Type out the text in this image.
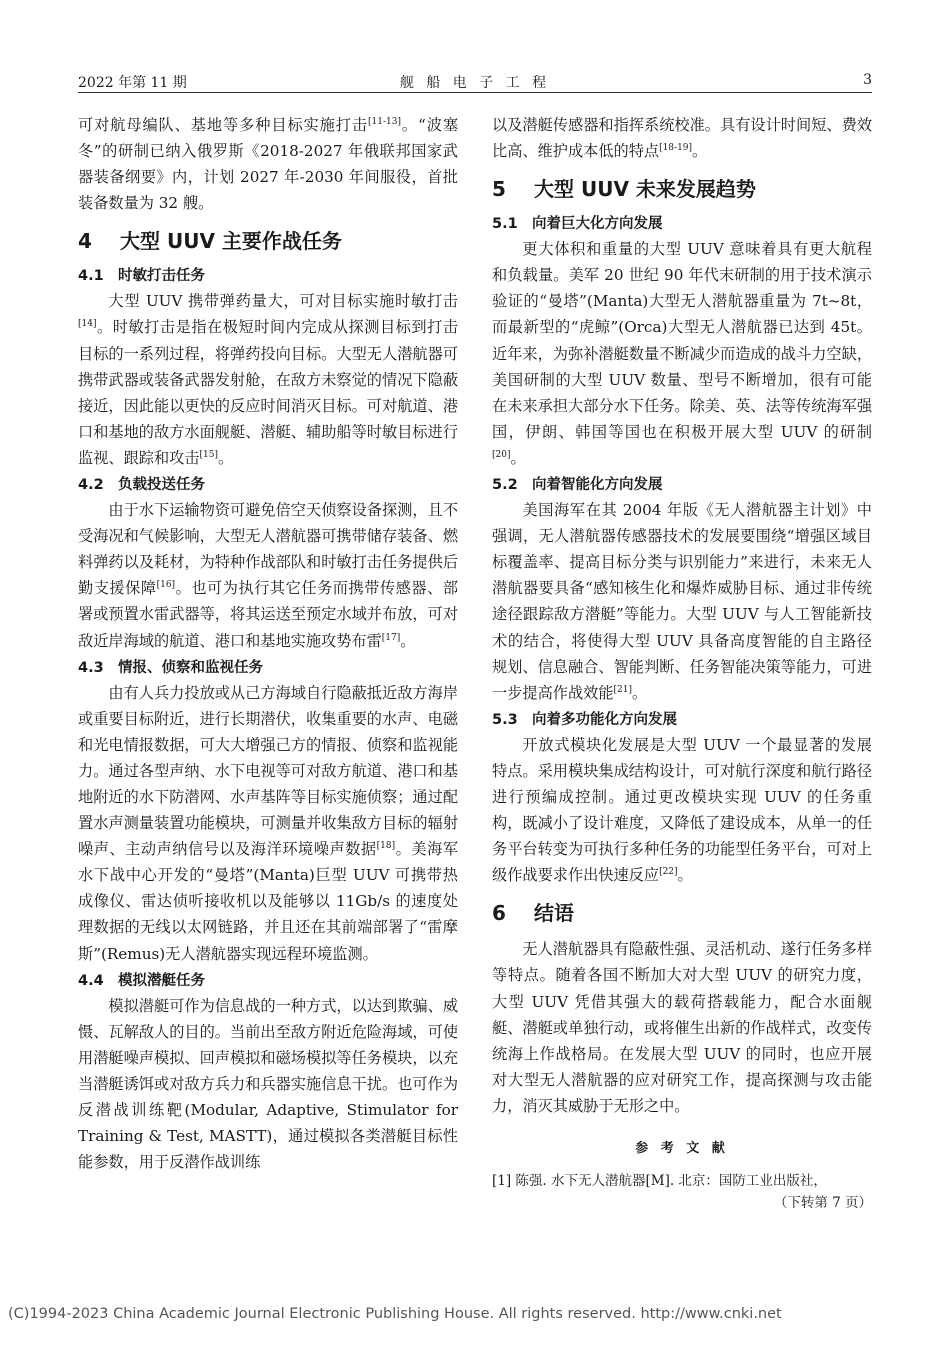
2022 年第 11 期	舰 船 电 子 工 程	3

可对航母编队、基地等多种目标实施打击[11-13]。“波塞冬”的研制已纳入俄罗斯《2018-2027 年俄联邦国家武器装备纲要》内，计划 2027 年-2030 年间服役，首批装备数量为 32 艘。

4 大型 UUV 主要作战任务
4.1 时敏打击任务

大型 UUV 携带弹药量大，可对目标实施时敏打击[14]。时敏打击是指在极短时间内完成从探测目标到打击目标的一系列过程，将弹药投向目标。大型无人潜航器可携带武器或装备武器发射舱，在敌方未察觉的情况下隐蔽接近，因此能以更快的反应时间消灭目标。可对航道、港口和基地的敌方水面舰艇、潜艇、辅助船等时敏目标进行监视、跟踪和攻击[15]。

4.2 负载投送任务

由于水下运输物资可避免倍空天侦察设备探测，且不受海况和气候影响，大型无人潜航器可携带储存装备、燃料弹药以及耗材，为特种作战部队和时敏打击任务提供后勤支援保障[16]。也可为执行其它任务而携带传感器、部署或预置水雷武器等，将其运送至预定水域并布放，可对敌近岸海域的航道、港口和基地实施攻势布雷[17]。

4.3 情报、侦察和监视任务

由有人兵力投放或从己方海域自行隐蔽抵近敌方海岸或重要目标附近，进行长期潜伏，收集重要的水声、电磁和光电情报数据，可大大增强己方的情报、侦察和监视能力。通过各型声纳、水下电视等可对敌方航道、港口和基地附近的水下防潜网、水声基阵等目标实施侦察；通过配置水声测量装置功能模块，可测量并收集敌方目标的辐射噪声、主动声纳信号以及海洋环境噪声数据[18]。美海军水下战中心开发的“曼塔”(Manta)巨型 UUV 可携带热成像仪、雷达侦听接收机以及能够以 11Gb/s 的速度处理数据的无线以太网链路，并且还在其前端部署了“雷摩斯”(Remus)无人潜航器实现远程环境监测。

4.4 模拟潜艇任务

模拟潜艇可作为信息战的一种方式，以达到欺骗、威慑、瓦解敌人的目的。当前出至敌方附近危险海域，可使用潜艇噪声模拟、回声模拟和磁场模拟等任务模块，以充当潜艇诱饵或对敌方兵力和兵器实施信息干扰。也可作为反潜战训练靶(Modular, Adaptive, Stimulator for Training & Test, MASTT)，通过模拟各类潜艇目标性能参数，用于反潜作战训练

以及潜艇传感器和指挥系统校准。具有设计时间短、费效比高、维护成本低的特点[18-19]。

5 大型 UUV 未来发展趋势
5.1 向着巨大化方向发展

更大体积和重量的大型 UUV 意味着具有更大航程和负载量。美军 20 世纪 90 年代末研制的用于技术演示验证的“曼塔”(Manta)大型无人潜航器重量为 7t~8t，而最新型的“虎鲸”(Orca)大型无人潜航器已达到 45t。近年来，为弥补潜艇数量不断减少而造成的战斗力空缺，美国研制的大型 UUV 数量、型号不断增加，很有可能在未来承担大部分水下任务。除美、英、法等传统海军强国，伊朗、韩国等国也在积极开展大型 UUV 的研制[20]。

5.2 向着智能化方向发展

美国海军在其 2004 年版《无人潜航器主计划》中强调，无人潜航器传感器技术的发展要围绕“增强区域目标覆盖率、提高目标分类与识别能力”来进行，未来无人潜航器要具备“感知核生化和爆炸威胁目标、通过非传统途径跟踪敌方潜艇”等能力。大型 UUV 与人工智能新技术的结合，将使得大型 UUV 具备高度智能的自主路径规划、信息融合、智能判断、任务智能决策等能力，可进一步提高作战效能[21]。

5.3 向着多功能化方向发展

开放式模块化发展是大型 UUV 一个最显著的发展特点。采用模块集成结构设计，可对航行深度和航行路径进行预编成控制。通过更改模块实现 UUV 的任务重构，既减小了设计难度，又降低了建设成本，从单一的任务平台转变为可执行多种任务的功能型任务平台，可对上级作战要求作出快速反应[22]。

6 结语

无人潜航器具有隐蔽性强、灵活机动、遂行任务多样等特点。随着各国不断加大对大型 UUV 的研究力度，大型 UUV 凭借其强大的载荷搭载能力，配合水面舰艇、潜艇或单独行动，或将催生出新的作战样式，改变传统海上作战格局。在发展大型 UUV 的同时，也应开展对大型无人潜航器的应对研究工作，提高探测与攻击能力，消灭其威胁于无形之中。

参 考 文 献

[1] 陈强. 水下无人潜航器[M]. 北京：国防工业出版社，

（下转第 7 页）

(C)1994-2023 China Academic Journal Electronic Publishing House. All rights reserved. http://www.cnki.net
